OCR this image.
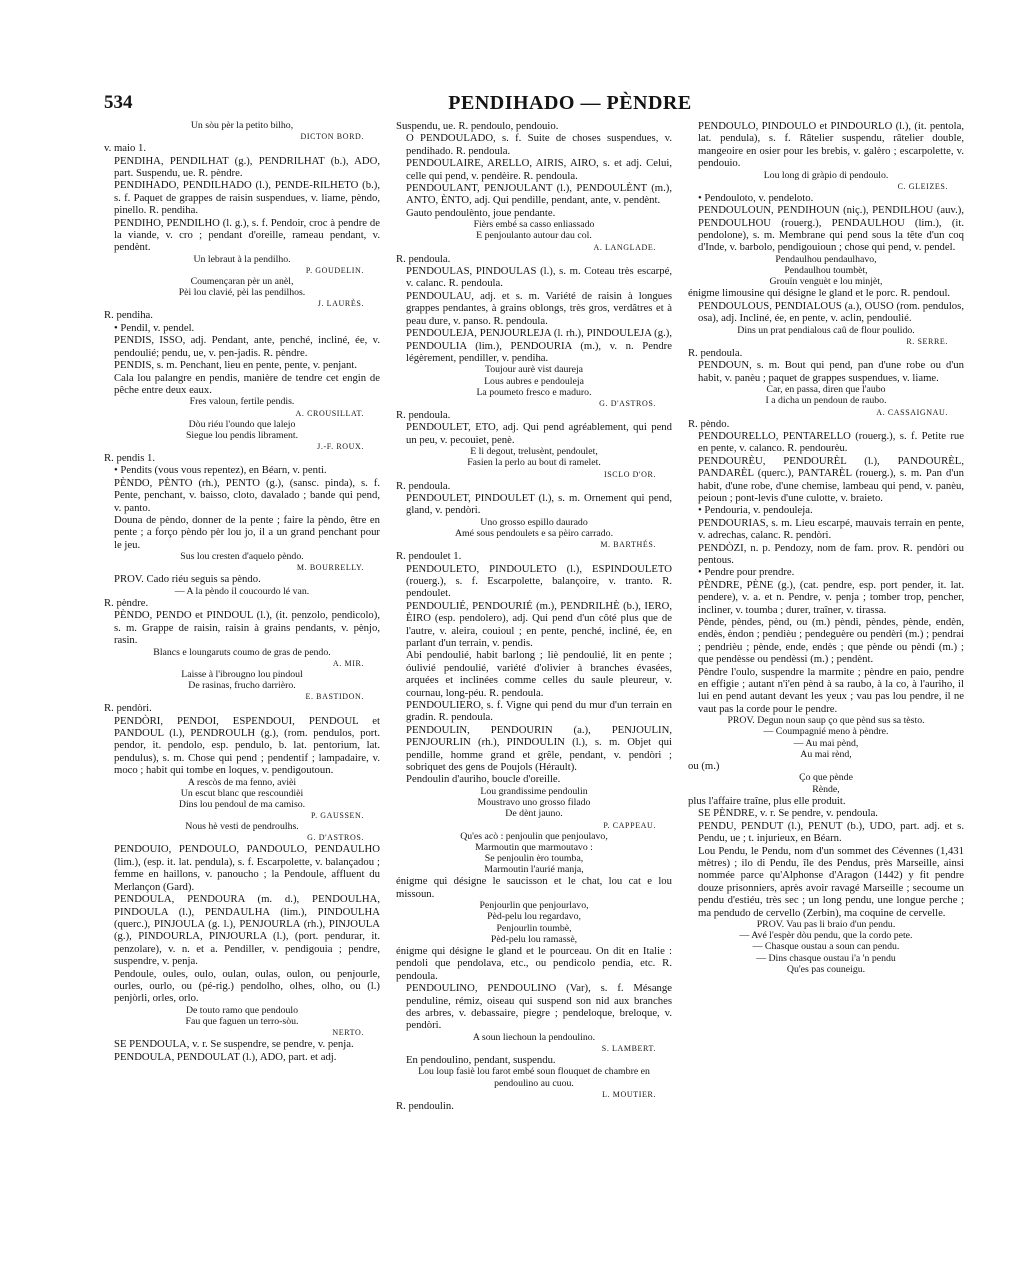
534	PENDIHADO — PÈNDRE

Un sòu pèr la petito bilho,

DICTON BORD.

v. maio 1.

PENDIHA, PENDILHAT (g.), PENDRILHAT (b.), ADO, part. Suspendu, ue. R. pèndre.

PENDIHADO, PENDILHADO (l.), PENDE-RILHETO (b.), s. f. Paquet de grappes de raisin suspendues, v. liame, pèndo, pinello. R. pendiha.

PENDIHO, PENDILHO (l. g.), s. f. Pendoir, croc à pendre de la viande, v. cro ; pendant d'oreille, rameau pendant, v. pendènt.

Un lebraut à la pendilho.

P. GOUDELIN.

Coumençaran pèr un anèl,

Pèi lou clavié, pèi las pendilhos.

J. LAURÈS.

R. pendiha.

• Pendil, v. pendel.

PENDIS, ISSO, adj. Pendant, ante, penché, incliné, ée, v. pendoulié; pendu, ue, v. pen-jadis. R. pèndre.

PENDIS, s. m. Penchant, lieu en pente, pente, v. penjant.

Cala lou palangre en pendis, manière de tendre cet engin de pêche entre deux eaux.

Fres valoun, fertile pendis.

A. CROUSILLAT.

Dòu riéu l'oundo que lalejo

Siegue lou pendis librament.

J.-F. ROUX.

R. pendis 1.

• Pendits (vous vous repentez), en Béarn, v. penti.

PÈNDO, PÈNTO (rh.), PENTO (g.), (sansc. pinda), s. f. Pente, penchant, v. baisso, cloto, davalado ; bande qui pend, v. panto.

Douna de pèndo, donner de la pente ; faire la pèndo, être en pente ; a forço pèndo pèr lou jo, il a un grand penchant pour le jeu.

Sus lou cresten d'aquelo pèndo.

M. BOURRELLY.

PROV. Cado riéu seguis sa pèndo.

— A la pèndo il coucourdo lé van.

R. pèndre.

PÈNDO, PENDO et PINDOUL (l.), (it. penzolo, pendicolo), s. m. Grappe de raisin, raisin à grains pendants, v. pènjo, rasin.

Blancs e loungaruts coumo de gras de pendo.

A. MIR.

Laisse à l'ibrougno lou pindoul

De rasinas, frucho darrièro.

E. BASTIDON.

R. pendòri.

PENDÒRI, PENDOI, ESPENDOUI, PENDOUL et PANDOUL (l.), PENDROULH (g.), (rom. pendulos, port. pendor, it. pendolo, esp. pendulo, b. lat. pentorium, lat. pendulus), s. m. Chose qui pend ; pendentif ; lampadaire, v. moco ; habit qui tombe en loques, v. pendigoutoun.

A rescòs de ma fenno, avièi

Un escut blanc que rescoundièi

Dins lou pendoul de ma camiso.

P. GAUSSEN.

Nous hè vesti de pendroulhs.

G. D'ASTROS.

PENDOUIO, PENDOULO, PANDOULO, PENDAULHO (lim.), (esp. it. lat. pendula), s. f. Escarpolette, v. balançadou ; femme en haillons, v. panoucho ; la Pendoule, affluent du Merlançon (Gard).

PENDOULA, PENDOURA (m. d.), PENDOULHA, PINDOULA (l.), PENDAULHA (lim.), PINDOULHA (querc.), PINJOULA (g. l.), PENJOURLA (rh.), PINJOULA (g.), PINDOURLA, PINJOURLA (l.), (port. pendurar, it. penzolare), v. n. et a. Pendiller, v. pendigouia ; pendre, suspendre, v. penja.

Pendoule, oules, oulo, oulan, oulas, oulon, ou penjourle, ourles, ourlo, ou (pé-rig.) pendolho, olhes, olho, ou (l.) penjòrli, orles, orlo.

De touto ramo que pendoulo

Fau que faguen un terro-sòu.

NERTO.

SE PENDOULA, v. r. Se suspendre, se pendre, v. penja.

PENDOULA, PENDOULAT (l.), ADO, part. et adj.

Suspendu, ue. R. pendoulo, pendouio.

O PENDOULADO, s. f. Suite de choses suspendues, v. pendihado. R. pendoula.

PENDOULAIRE, ARELLO, AIRIS, AIRO, s. et adj. Celui, celle qui pend, v. pendèire. R. pendoula.

PENDOULANT, PENJOULANT (l.), PENDOULÈNT (m.), ANTO, ÈNTO, adj. Qui pendille, pendant, ante, v. pendènt.

Gauto pendoulènto, joue pendante.

Fièrs embé sa casso enliassado

E penjoulanto autour dau col.

A. LANGLADE.

R. pendoula.

PENDOULAS, PINDOULAS (l.), s. m. Coteau très escarpé, v. calanc. R. pendoula.

PENDOULAU, adj. et s. m. Variété de raisin à longues grappes pendantes, à grains oblongs, très gros, verdâtres et à peau dure, v. panso. R. pendoula.

PENDOULEJA, PENJOURLEJA (l. rh.), PINDOULEJA (g.), PENDOULIA (lim.), PENDOURIA (m.), v. n. Pendre légèrement, pendiller, v. pendiha.

Toujour aurè vist daureja

Lous aubres e pendouleja

La poumeto fresco e maduro.

G. D'ASTROS.

R. pendoula.

PENDOULET, ETO, adj. Qui pend agréablement, qui pend un peu, v. pecouiet, penè.

E li degout, trelusènt, pendoulet,

Fasien la perlo au bout di ramelet.

ISCLO D'OR.

R. pendoula.

PENDOULET, PINDOULET (l.), s. m. Ornement qui pend, gland, v. pendòri.

Uno grosso espillo daurado

Amé sous pendoulets e sa pèiro carrado.

M. BARTHÉS.

R. pendoulet 1.

PENDOULETO, PINDOULETO (l.), ESPINDOULETO (rouerg.), s. f. Escarpolette, balançoire, v. tranto. R. pendoulet.

PENDOULIÉ, PENDOURIÉ (m.), PENDRILHÈ (b.), IERO, ÈIRO (esp. pendolero), adj. Qui pend d'un côté plus que de l'autre, v. aleira, couioul ; en pente, penché, incliné, ée, en parlant d'un terrain, v. pendis.

Abi pendoulié, habit barlong ; liè pendoulié, lit en pente ; óulivié pendoulié, variété d'olivier à branches évasées, arquées et inclinées comme celles du saule pleureur, v. cournau, long-péu. R. pendoula.

PENDOULIERO, s. f. Vigne qui pend du mur d'un terrain en gradin. R. pendoula.

PENDOULIN, PENDOURIN (a.), PENJOULIN, PENJOURLIN (rh.), PINDOULIN (l.), s. m. Objet qui pendille, homme grand et grêle, pendant, v. pendòri ; sobriquet des gens de Poujols (Hérault).

Pendoulin d'auriho, boucle d'oreille.

Lou grandissime pendoulin

Moustravo uno grosso filado

De dènt jauno.

P. CAPPEAU.

Qu'es acò : penjoulin que penjoulavo,

Marmoutin que marmoutavo :

Se penjoulin èro toumba,

Marmoutin l'aurié manja,

énigme qui désigne le saucisson et le chat, lou cat e lou missoun.

Penjourlin que penjourlavo,

Pèd-pelu lou regardavo,

Penjourlin toumbè,

Pèd-pelu lou ramassè,

énigme qui désigne le gland et le pourceau. On dit en Italie : pendoli que pendolava, etc., ou pendicolo pendia, etc. R. pendoula.

PENDOULINO, PENDOULINO (Var), s. f. Mésange penduline, rémiz, oiseau qui suspend son nid aux branches des arbres, v. debassaire, piegre ; pendeloque, breloque, v. pendòri.

A soun liechoun la pendoulino.

S. LAMBERT.

En pendoulino, pendant, suspendu.

Lou loup fasiè lou farot embé soun flouquet de chambre en pendoulino au cuou.

L. MOUTIER.

R. pendoulin.

PENDOULO, PINDOULO et PINDOURLO (l.), (it. pentola, lat. pendula), s. f. Râtelier suspendu, râtelier double, mangeoire en osier pour les brebis, v. galèro ; escarpolette, v. pendouio.

Lou long di gràpio di pendoulo.

C. GLEIZES.

• Pendouloto, v. pendeloto.

PENDOULOUN, PENDIHOUN (niç.), PENDILHOU (auv.), PENDOULHOU (rouerg.), PENDAULHOU (lim.), (it. pendolone), s. m. Membrane qui pend sous la tête d'un coq d'Inde, v. barbolo, pendigouioun ; chose qui pend, v. pendel.

Pendaulhou pendaulhavo,

Pendaulhou toumbèt,

Grouïn venguèt e lou minjèt,

énigme limousine qui désigne le gland et le porc. R. pendoul.

PENDOULOUS, PENDIALOUS (a.), OUSO (rom. pendulos, osa), adj. Incliné, ée, en pente, v. aclin, pendoulié.

Dins un prat pendialous caû de flour poulido.

R. SERRE.

R. pendoula.

PENDOUN, s. m. Bout qui pend, pan d'une robe ou d'un habit, v. panèu ; paquet de grappes suspendues, v. liame.

Car, en passa, diren que l'aubo

I a dicha un pendoun de raubo.

A. CASSAIGNAU.

R. pèndo.

PENDOURELLO, PENTARELLO (rouerg.), s. f. Petite rue en pente, v. calanco. R. pendourèu.

PENDOURÈU, PENDOURÈL (l.), PANDOURÈL, PANDARÈL (querc.), PANTARÈL (rouerg.), s. m. Pan d'un habit, d'une robe, d'une chemise, lambeau qui pend, v. panèu, peioun ; pont-levis d'une culotte, v. braieto.

• Pendouria, v. pendouleja.

PENDOURIAS, s. m. Lieu escarpé, mauvais terrain en pente, v. adrechas, calanc. R. pendòri.

PENDÒZI, n. p. Pendozy, nom de fam. prov. R. pendòri ou pentous.

• Pendre pour prendre.

PÈNDRE, PÈNE (g.), (cat. pendre, esp. port pender, it. lat. pendere), v. a. et n. Pendre, v. penja ; tomber trop, pencher, incliner, v. toumba ; durer, traîner, v. tirassa.

Pènde, pèndes, pènd, ou (m.) pèndi, pèndes, pènde, endèn, endès, èndon ; pendièu ; pendeguère ou pendèri (m.) ; pendrai ; pendrièu ; pènde, ende, endès ; que pènde ou pèndi (m.) ; que pendèsse ou pendèssi (m.) ; pendènt.

Pèndre l'oulo, suspendre la marmite ; pèndre en paio, pendre en effigie ; autant n'i'en pènd à sa raubo, à la co, à l'auriho, il lui en pend autant devant les yeux ; vau pas lou pendre, il ne vaut pas la corde pour le pendre.

PROV. Degun noun saup ço que pènd sus sa tèsto.

— Coumpagnié meno à pèndre.

— Au mai pènd,

Au mai rènd,

ou (m.)

Ço que pènde

Rènde,

plus l'affaire traîne, plus elle produit.

SE PÈNDRE, v. r. Se pendre, v. pendoula.

PENDU, PENDUT (l.), PENUT (b.), UDO, part. adj. et s. Pendu, ue ; t. injurieux, en Béarn.

Lou Pendu, le Pendu, nom d'un sommet des Cévennes (1,431 mètres) ; ilo di Pendu, île des Pendus, près Marseille, ainsi nommée parce qu'Alphonse d'Aragon (1442) y fit pendre douze prisonniers, après avoir ravagé Marseille ; secoume un pendu d'estiéu, très sec ; un long pendu, une longue perche ; ma pendudo de cervello (Zerbin), ma coquine de cervelle.

PROV. Vau pas li braio d'un pendu.

— Avé l'espèr dòu pendu, que la cordo pete.

— Chasque oustau a soun can pendu.

— Dins chasque oustau i'a 'n pendu

Qu'es pas couneigu.
